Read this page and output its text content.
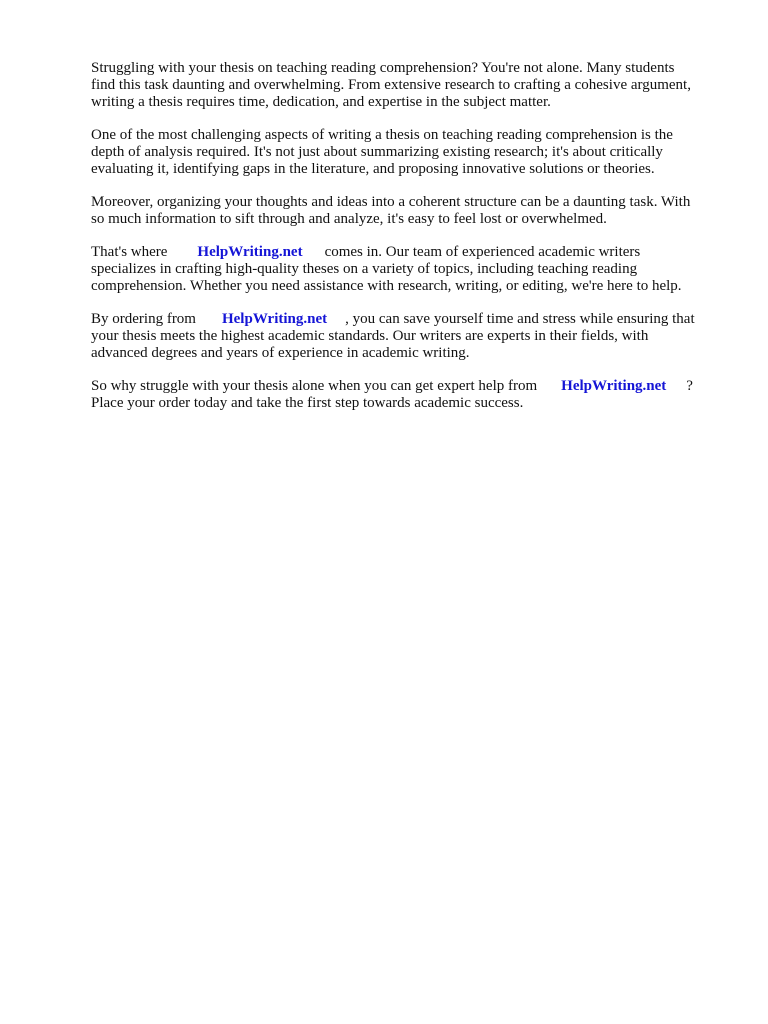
Struggling with your thesis on teaching reading comprehension? You're not alone. Many students
find this task daunting and overwhelming. From extensive research to crafting a cohesive argument,
writing a thesis requires time, dedication, and expertise in the subject matter.

One of the most challenging aspects of writing a thesis on teaching reading comprehension is the
depth of analysis required. It's not just about summarizing existing research; it's about critically
evaluating it, identifying gaps in the literature, and proposing innovative solutions or theories.

Moreover, organizing your thoughts and ideas into a coherent structure can be a daunting task. With
so much information to sift through and analyze, it's easy to feel lost or overwhelmed.

That's where HelpWriting.net comes in. Our team of experienced academic writers
specializes in crafting high-quality theses on a variety of topics, including teaching reading
comprehension. Whether you need assistance with research, writing, or editing, we're here to help.

By ordering from HelpWriting.net , you can save yourself time and stress while ensuring that
your thesis meets the highest academic standards. Our writers are experts in their fields, with
advanced degrees and years of experience in academic writing.

So why struggle with your thesis alone when you can get expert help from HelpWriting.net ?
Place your order today and take the first step towards academic success.
